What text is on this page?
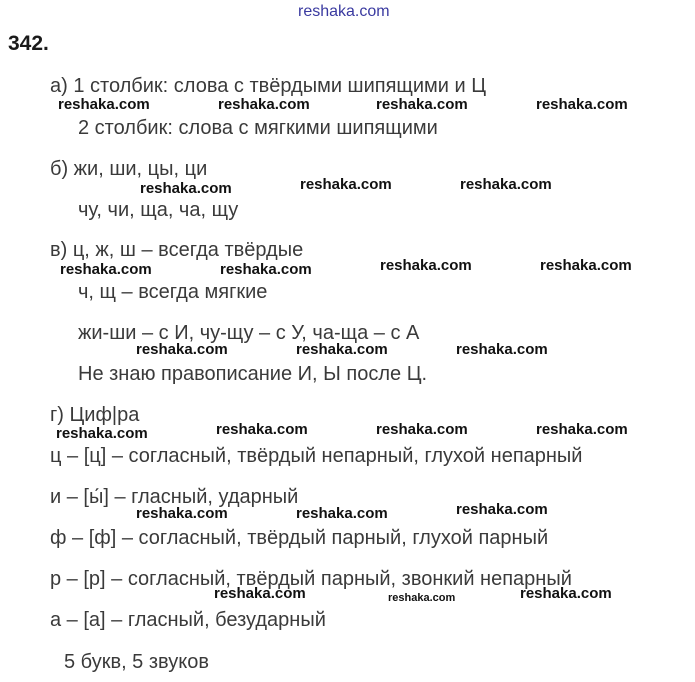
reshaka.com
342.
а) 1 столбик: слова с твёрдыми шипящими и Ц
2 столбик: слова с мягкими шипящими
б) жи, ши, цы, ци
чу, чи, ща, ча, щу
в) ц, ж, ш – всегда твёрдые
ч, щ – всегда мягкие
жи-ши – с И, чу-щу – с У, ча-ща – с А
Не знаю правописание И, Ы после Ц.
г) Циф|ра
ц – [ц] – согласный, твёрдый непарный, глухой непарный
и – [ы́] – гласный, ударный
ф – [ф] – согласный, твёрдый парный, глухой парный
р – [р] – согласный, твёрдый парный, звонкий непарный
а – [а] – гласный, безударный
5 букв, 5 звуков
reshaka.com	reshaka.com	reshaka.com	reshaka.com
reshaka.com	reshaka.com	reshaka.com
reshaka.com	reshaka.com	reshaka.com	reshaka.com
reshaka.com	reshaka.com	reshaka.com
reshaka.com	reshaka.com	reshaka.com	reshaka.com
reshaka.com	reshaka.com	reshaka.com
reshaka.com	reshaka.com	reshaka.com
